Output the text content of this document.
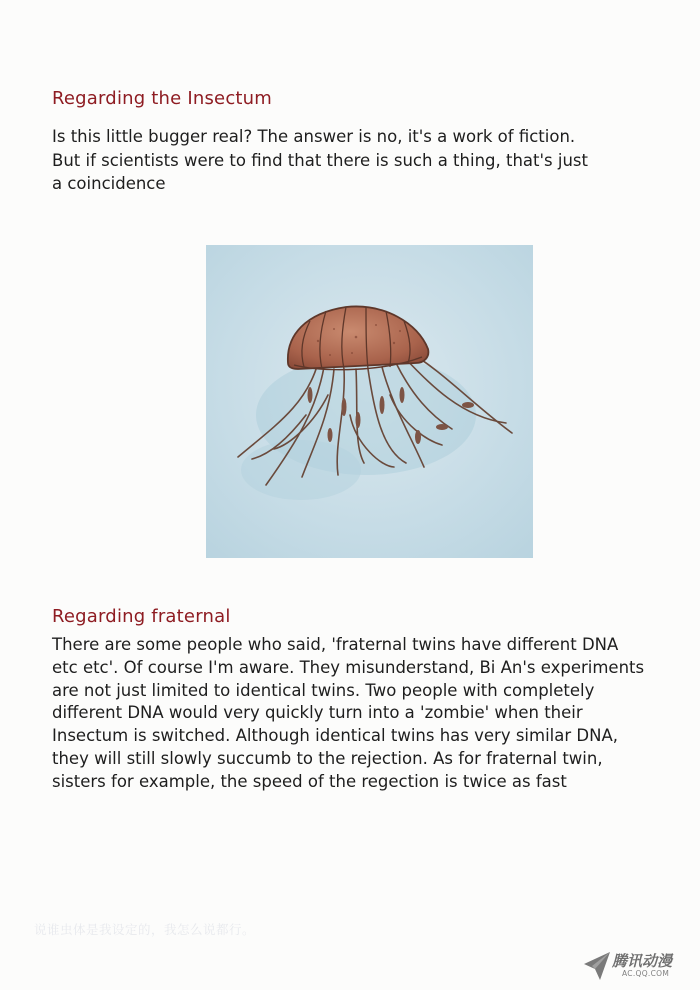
Regarding the Insectum

Is this little bugger real? The answer is no, it's a work of fiction.
But if scientists were to find that there is such a thing, that's just
a coincidence

Regarding fraternal

There are some people who said, 'fraternal twins have different DNA
etc etc'. Of course I'm aware. They misunderstand, Bi An's experiments
are not just limited to identical twins. Two people with completely
different DNA would very quickly turn into a 'zombie' when their
Insectum is switched. Although identical twins has very similar DNA,
they will still slowly succumb to the rejection. As for fraternal twin,
sisters for example, the speed of the regection is twice as fast

说谁虫体是我设定的，我怎么说都行。
腾讯动漫
AC.QQ.COM
